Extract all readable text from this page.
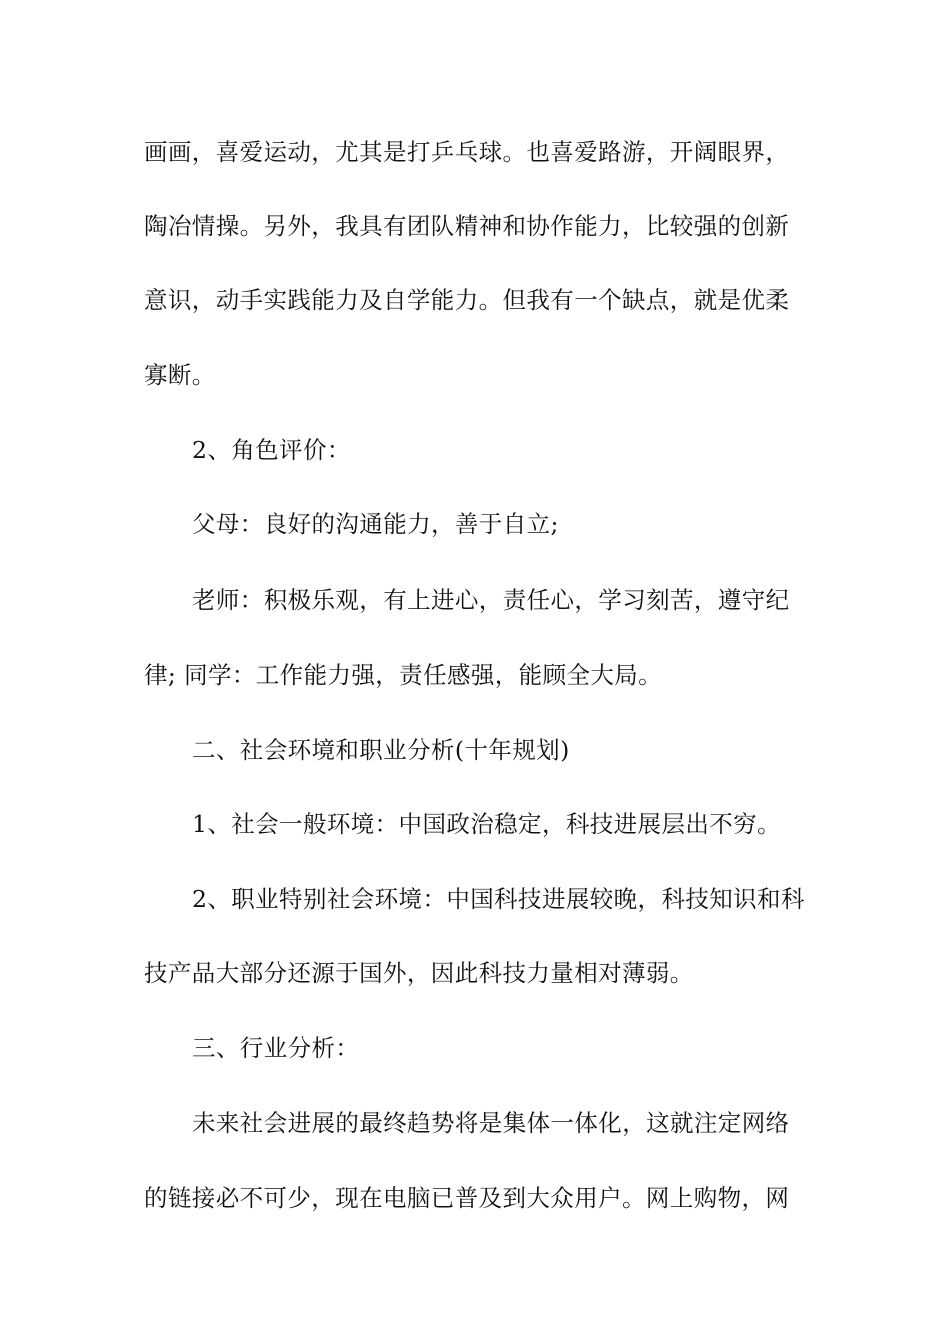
画画，喜爱运动，尤其是打乒乓球。也喜爱路游，开阔眼界，
陶冶情操。另外，我具有团队精神和协作能力，比较强的创新
意识，动手实践能力及自学能力。但我有一个缺点，就是优柔
寡断。
2、角色评价：
父母：良好的沟通能力，善于自立;
老师：积极乐观，有上进心，责任心，学习刻苦，遵守纪
律; 同学：工作能力强，责任感强，能顾全大局。
二、社会环境和职业分析(十年规划)
1、社会一般环境：中国政治稳定，科技进展层出不穷。
2、职业特别社会环境：中国科技进展较晚，科技知识和科
技产品大部分还源于国外，因此科技力量相对薄弱。
三、行业分析：
未来社会进展的最终趋势将是集体一体化，这就注定网络
的链接必不可少，现在电脑已普及到大众用户。网上购物，网
